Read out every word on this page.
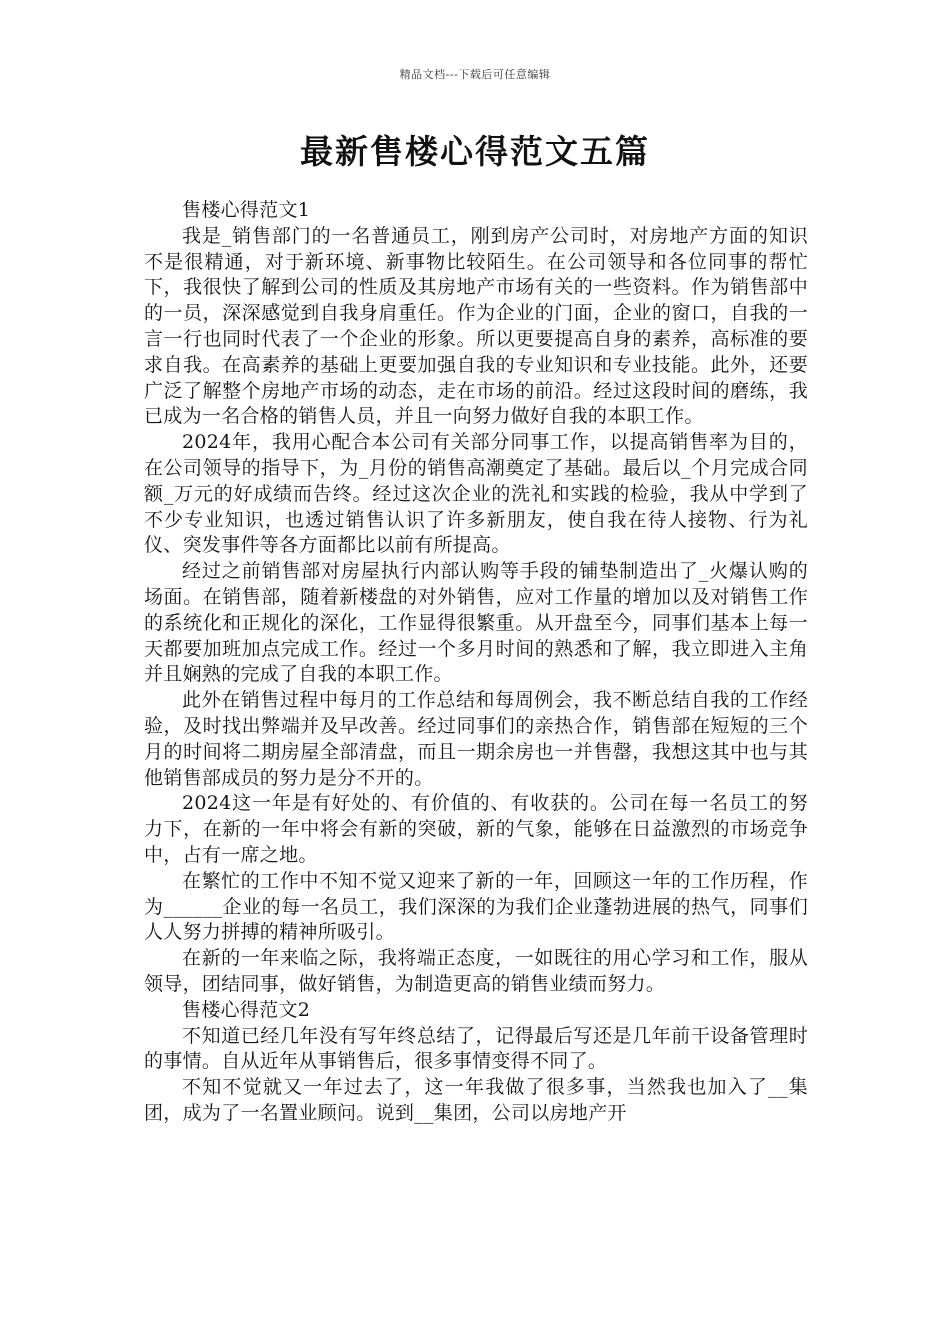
精品文档---下载后可任意编辑
最新售楼心得范文五篇

售楼心得范文1

我是_销售部门的一名普通员工，刚到房产公司时，对房地产方面的知识不是很精通，对于新环境、新事物比较陌生。在公司领导和各位同事的帮忙下，我很快了解到公司的性质及其房地产市场有关的一些资料。作为销售部中的一员，深深感觉到自我身肩重任。作为企业的门面，企业的窗口，自我的一言一行也同时代表了一个企业的形象。所以更要提高自身的素养，高标准的要求自我。在高素养的基础上更要加强自我的专业知识和专业技能。此外，还要广泛了解整个房地产市场的动态，走在市场的前沿。经过这段时间的磨练，我已成为一名合格的销售人员，并且一向努力做好自我的本职工作。

2024年，我用心配合本公司有关部分同事工作，以提高销售率为目的，在公司领导的指导下，为_月份的销售高潮奠定了基础。最后以_个月完成合同额_万元的好成绩而告终。经过这次企业的洗礼和实践的检验，我从中学到了不少专业知识，也透过销售认识了许多新朋友，使自我在待人接物、行为礼仪、突发事件等各方面都比以前有所提高。

经过之前销售部对房屋执行内部认购等手段的铺垫制造出了_火爆认购的场面。在销售部，随着新楼盘的对外销售，应对工作量的增加以及对销售工作的系统化和正规化的深化，工作显得很繁重。从开盘至今，同事们基本上每一天都要加班加点完成工作。经过一个多月时间的熟悉和了解，我立即进入主角并且娴熟的完成了自我的本职工作。

此外在销售过程中每月的工作总结和每周例会，我不断总结自我的工作经验，及时找出弊端并及早改善。经过同事们的亲热合作，销售部在短短的三个月的时间将二期房屋全部清盘，而且一期余房也一并售罄，我想这其中也与其他销售部成员的努力是分不开的。

2024这一年是有好处的、有价值的、有收获的。公司在每一名员工的努力下，在新的一年中将会有新的突破，新的气象，能够在日益激烈的市场竞争中，占有一席之地。

在繁忙的工作中不知不觉又迎来了新的一年，回顾这一年的工作历程，作为______企业的每一名员工，我们深深的为我们企业蓬勃进展的热气，同事们人人努力拼搏的精神所吸引。

在新的一年来临之际，我将端正态度，一如既往的用心学习和工作，服从领导，团结同事，做好销售，为制造更高的销售业绩而努力。

售楼心得范文2

不知道已经几年没有写年终总结了，记得最后写还是几年前干设备管理时的事情。自从近年从事销售后，很多事情变得不同了。

不知不觉就又一年过去了，这一年我做了很多事，当然我也加入了__集团，成为了一名置业顾问。说到__集团，公司以房地产开
